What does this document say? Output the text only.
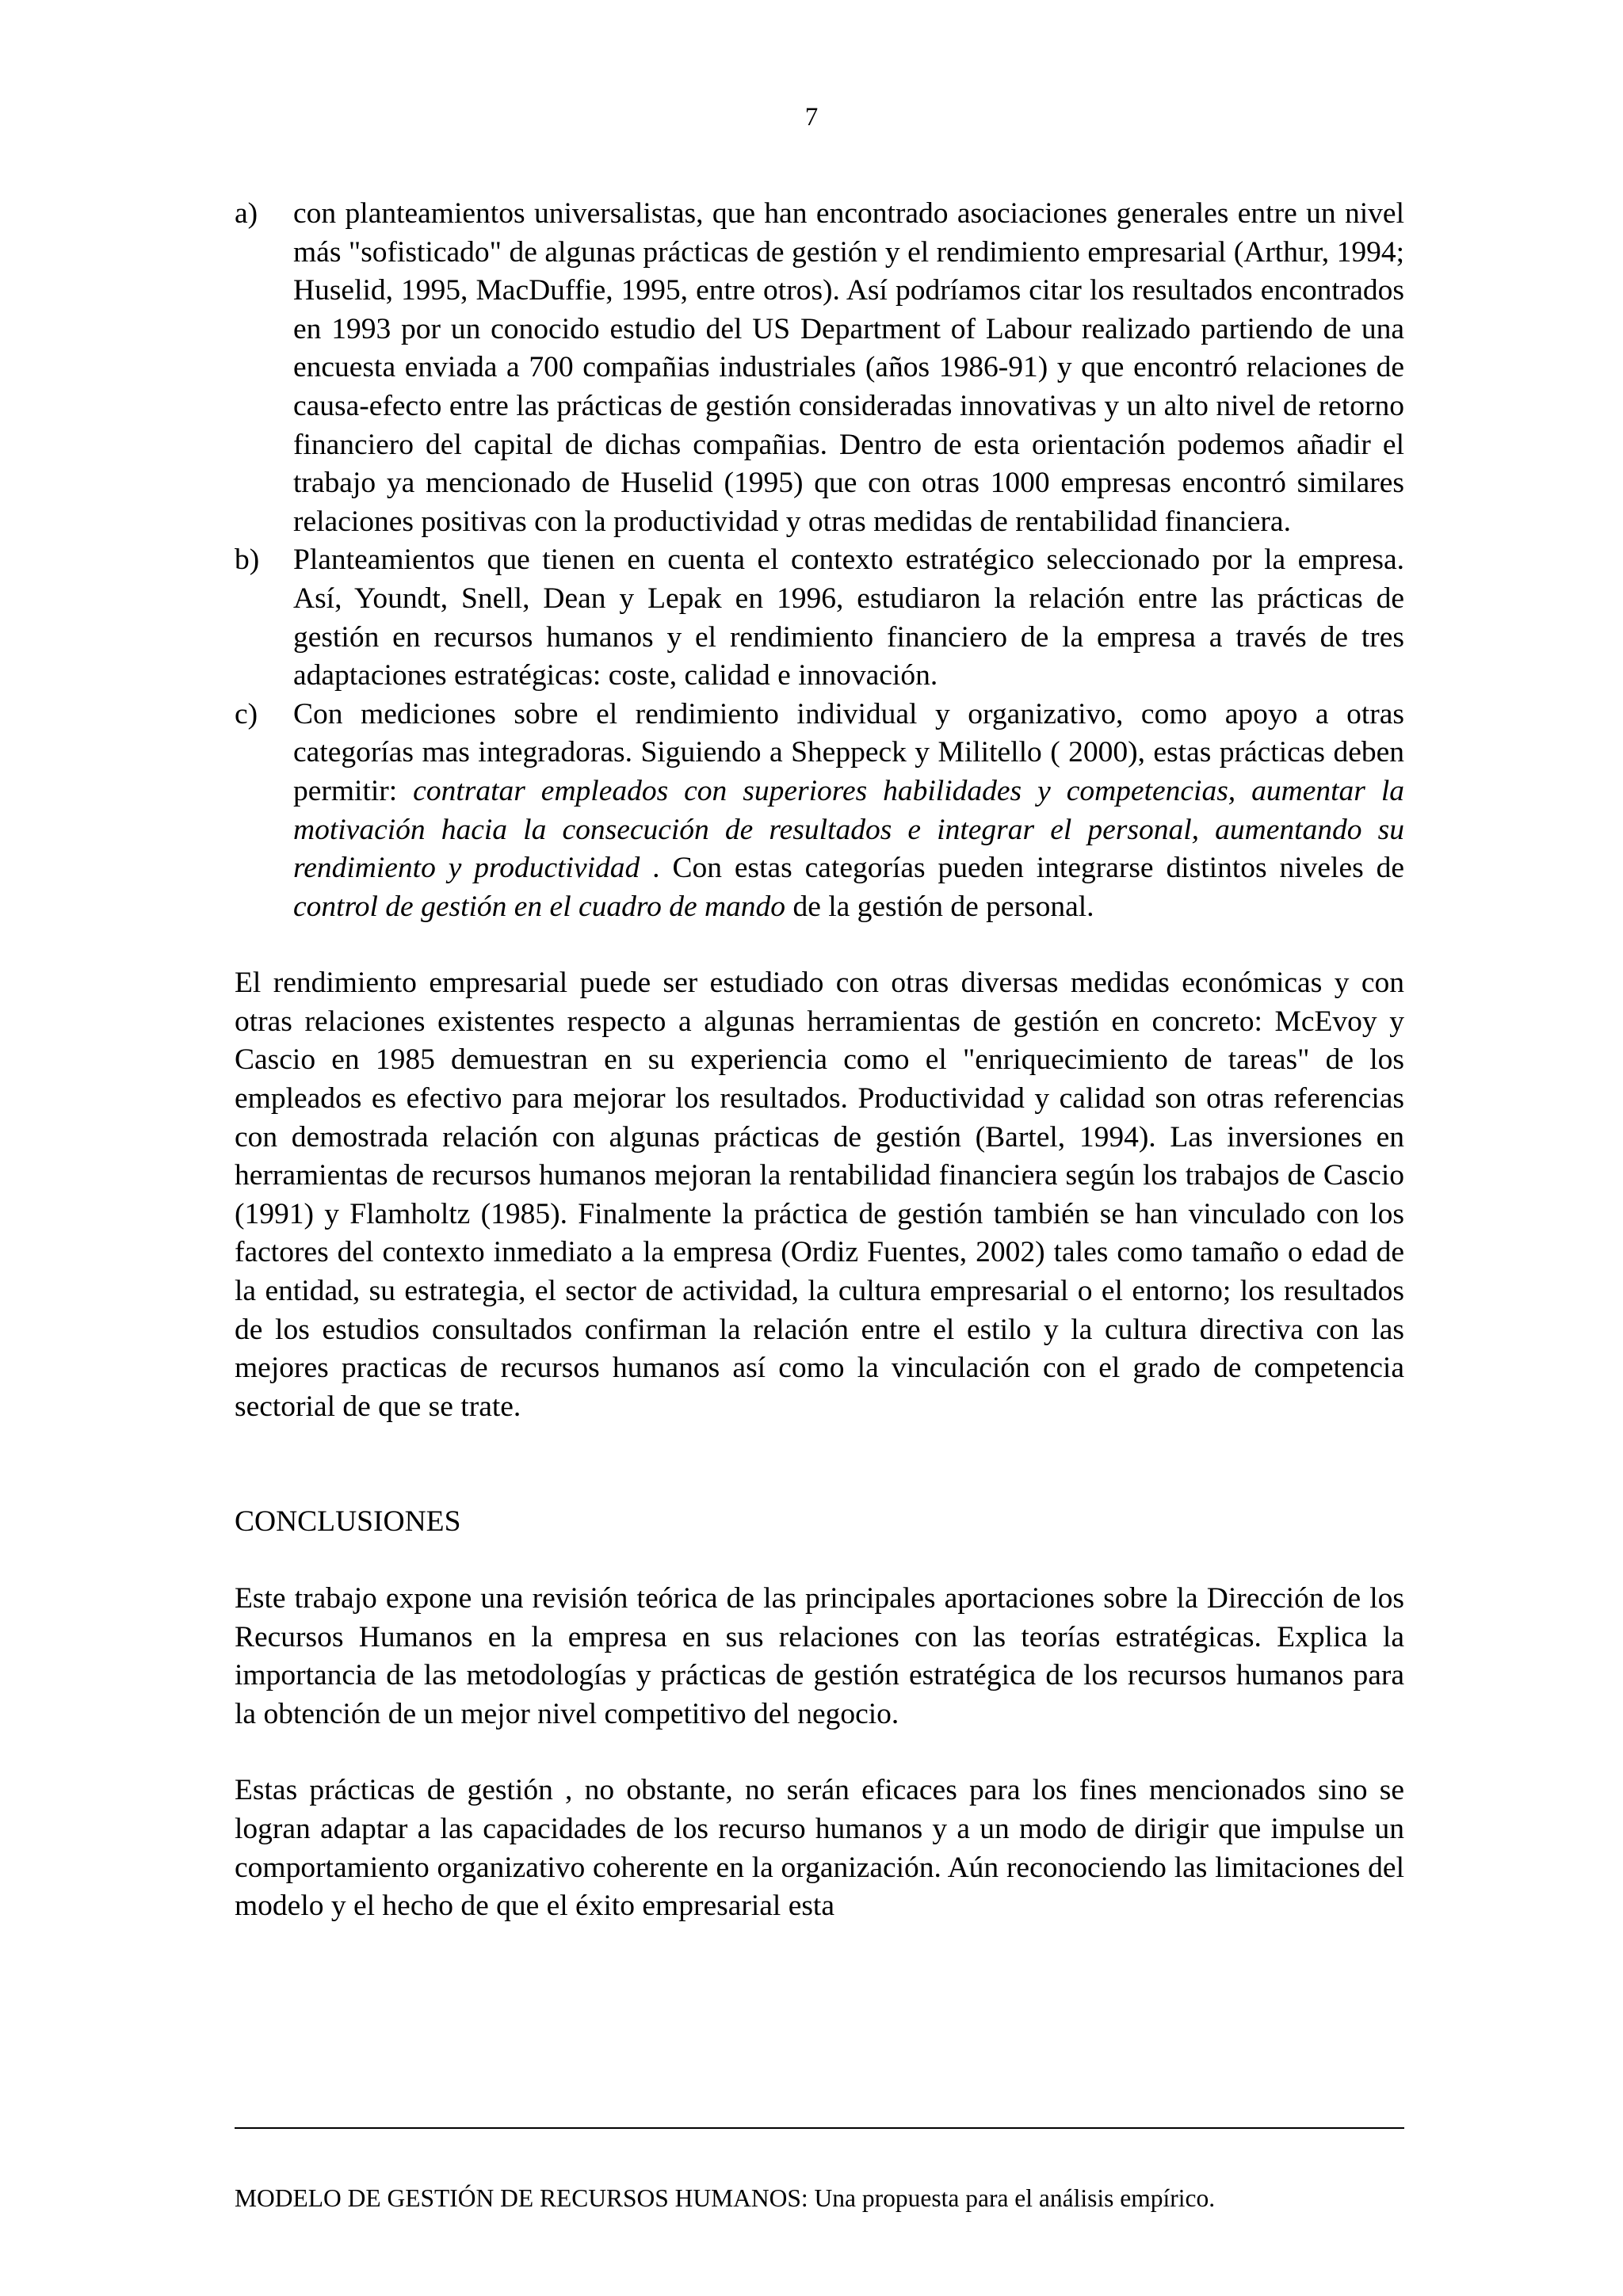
7
a)	con planteamientos universalistas, que han encontrado asociaciones generales entre un nivel más "sofisticado" de algunas prácticas de gestión y el rendimiento empresarial (Arthur, 1994; Huselid, 1995, MacDuffie, 1995, entre otros). Así podríamos citar los resultados encontrados en 1993 por un conocido estudio del US Department of Labour realizado partiendo de una encuesta enviada a 700 compañias industriales (años 1986-91) y que encontró relaciones de causa-efecto entre las prácticas de gestión consideradas innovativas y un alto nivel de retorno financiero del capital de dichas compañias. Dentro de esta orientación podemos añadir el trabajo ya mencionado de Huselid (1995) que con otras 1000 empresas encontró similares relaciones positivas con la productividad y otras medidas de rentabilidad financiera.
b)	Planteamientos que tienen en cuenta el contexto estratégico seleccionado por la empresa. Así, Youndt, Snell, Dean y Lepak en 1996, estudiaron la relación entre las prácticas de gestión en recursos humanos y el rendimiento financiero de la empresa a través de tres adaptaciones estratégicas: coste, calidad e innovación.
c)	Con mediciones sobre el rendimiento individual y organizativo, como apoyo a otras categorías mas integradoras. Siguiendo a Sheppeck y Militello ( 2000), estas prácticas deben permitir: contratar empleados con superiores habilidades y competencias, aumentar la motivación hacia la consecución de resultados e integrar el personal, aumentando su rendimiento y productividad . Con estas categorías pueden integrarse distintos niveles de control de gestión en el cuadro de mando de la gestión de personal.

El rendimiento empresarial puede ser estudiado con otras diversas medidas económicas y con otras relaciones existentes respecto a algunas herramientas de gestión en concreto: McEvoy y Cascio en 1985 demuestran en su experiencia como el "enriquecimiento de tareas" de los empleados es efectivo para mejorar los resultados. Productividad y calidad son otras referencias con demostrada relación con algunas prácticas de gestión (Bartel, 1994). Las inversiones en herramientas de recursos humanos mejoran la rentabilidad financiera según los trabajos de Cascio (1991) y Flamholtz (1985). Finalmente la práctica de gestión también se han vinculado con los factores del contexto inmediato a la empresa (Ordiz Fuentes, 2002) tales como tamaño o edad de la entidad, su estrategia, el sector de actividad, la cultura empresarial o el entorno; los resultados de los estudios consultados confirman la relación entre el estilo y la cultura directiva con las mejores practicas de recursos humanos así como la vinculación con el grado de competencia sectorial de que se trate.

CONCLUSIONES

Este trabajo expone una revisión teórica de las principales aportaciones sobre la Dirección de los Recursos Humanos en la empresa en sus relaciones con las teorías estratégicas. Explica la importancia de las metodologías y prácticas de gestión estratégica de los recursos humanos para la obtención de un mejor nivel competitivo del negocio.

Estas prácticas de gestión , no obstante, no serán eficaces para los fines mencionados sino se logran adaptar a las capacidades de los recurso humanos y a un modo de dirigir que impulse un comportamiento organizativo coherente en la organización. Aún reconociendo las limitaciones del modelo y el hecho de que el éxito empresarial esta

MODELO DE GESTIÓN DE RECURSOS HUMANOS: Una propuesta para el análisis empírico.
